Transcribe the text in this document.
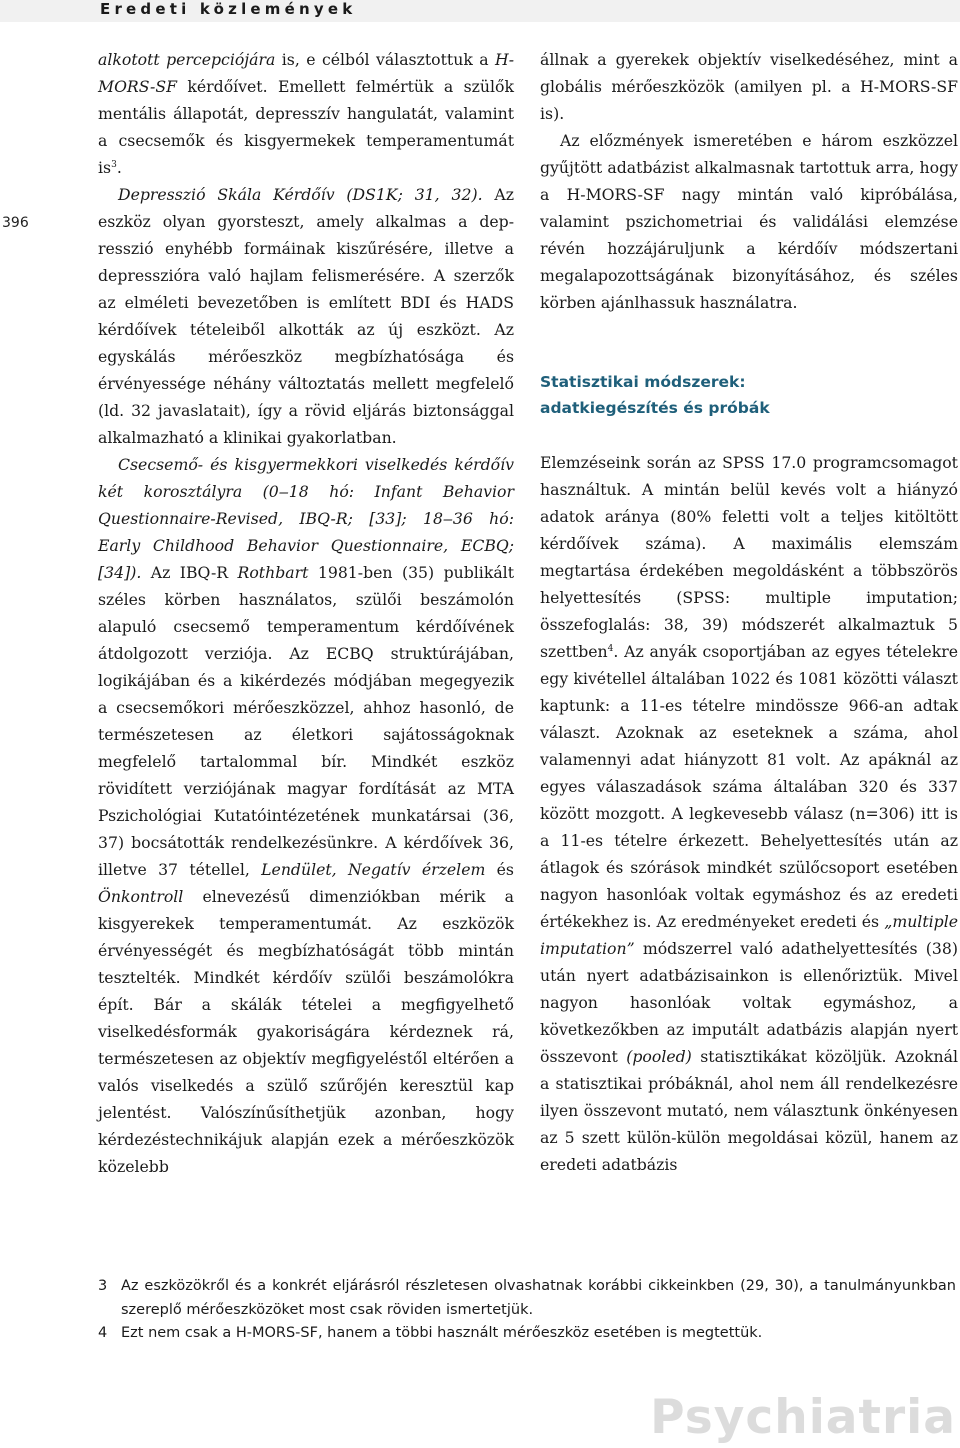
Eredeti közlemények
396

alkotott percepciójára is, e célból választottuk a H-MORS-SF kérdőívet. Emellett felmértük a szülők mentális állapotát, depresszív hangulatát, valamint a csecsemők és kisgyermekek temperamentumát $is^3$.

Depresszió Skála Kérdőív (DS1K; 31, 32). Az eszköz olyan gyorsteszt, amely alkalmas a depresszió enyhébb formáinak kiszűrésére, illetve a depresszióra való hajlam felismerésére. A szerzők az elméleti bevezetőben is említett BDI és HADS kérdőívek tételeiből alkották az új eszközt. Az egyskálás mérőeszköz megbízhatósága és érvényessége néhány változtatás mellett megfelelő (ld. 32 javaslatait), így a rövid eljárás biztonsággal alkalmazható a klinikai gyakorlatban.

Csecsemő- és kisgyermekkori viselkedés kérdőív két korosztályra (0‒18 hó: Infant Behavior Questionnaire-Revised, IBQ-R; [33]; 18‒36 hó: Early Childhood Behavior Questionnaire, ECBQ; [34]). Az IBQ-R Rothbart 1981-ben (35) publikált széles körben használatos, szülői beszámolón alapuló csecsemő temperamentum kérdőívének átdolgozott verziója. Az ECBQ struktúrájában, logikájában és a kikérdezés módjában megegyezik a csecsemőkori mérőeszközzel, ahhoz hasonló, de természetesen az életkori sajátosságoknak megfelelő tartalommal bír. Mindkét eszköz rövidített verziójának magyar fordítását az MTA Pszichológiai Kutatóintézetének munkatársai (36, 37) bocsátották rendelkezésünkre. A kérdőívek 36, illetve 37 tétellel, Lendület, Negatív érzelem és Önkontroll elnevezésű dimenziókban mérik a kisgyerekek temperamentumát. Az eszközök érvényességét és megbízhatóságát több mintán tesztelték. Mindkét kérdőív szülői beszámolókra épít. Bár a skálák tételei a megfigyelhető viselkedésformák gyakoriságára kérdeznek rá, természetesen az objektív megfigyeléstől eltérően a valós viselkedés a szülő szűrőjén keresztül kap jelentést. Valószínűsíthetjük azonban, hogy kérdezéstechnikájuk alapján ezek a mérőeszközök közelebb

állnak a gyerekek objektív viselkedéséhez, mint a globális mérőeszközök (amilyen pl. a H-MORS-SF is).

Az előzmények ismeretében e három eszközzel gyűjtött adatbázist alkalmasnak tartottuk arra, hogy a H-MORS-SF nagy mintán való kipróbálása, valamint pszichometriai és validálási elemzése révén hozzájáruljunk a kérdőív módszertani megalapozottságának bizonyításához, és széles körben ajánlhassuk használatra.

Statisztikai módszerek:
adatkiegészítés és próbák

Elemzéseink során az SPSS 17.0 programcsomagot használtuk. A mintán belül kevés volt a hiányzó adatok aránya (80% feletti volt a teljes kitöltött kérdőívek száma). A maximális elemszám megtartása érdekében megoldásként a többszörös helyettesítés (SPSS: multiple imputation; összefoglalás: 38, 39) módszerét alkalmaztuk 5 szettben$^4$. Az anyák csoportjában az egyes tételekre egy kivétellel általában 1022 és 1081 közötti választ kaptunk: a 11-es tételre mindössze 966-an adtak választ. Azoknak az eseteknek a száma, ahol valamennyi adat hiányzott 81 volt. Az apáknál az egyes válaszadások száma általában 320 és 337 között mozgott. A legkevesebb válasz (n=306) itt is a 11-es tételre érkezett. Behelyettesítés után az átlagok és szórások mindkét szülőcsoport esetében nagyon hasonlóak voltak egymáshoz és az eredeti értékekhez is. Az eredményeket eredeti és „multiple imputation” módszerrel való adathelyettesítés (38) után nyert adatbázisainkon is ellenőriztük. Mivel nagyon hasonlóak voltak egymáshoz, a következőkben az imputált adatbázis alapján nyert összevont (pooled) statisztikákat közöljük. Azoknál a statisztikai próbáknál, ahol nem áll rendelkezésre ilyen összevont mutató, nem választunk önkényesen az 5 szett külön-külön megoldásai közül, hanem az eredeti adatbázis

3 Az eszközökről és a konkrét eljárásról részletesen olvashatnak korábbi cikkeinkben (29, 30), a tanulmányunkban szereplő mérőeszközöket most csak röviden ismertetjük.
4 Ezt nem csak a H-MORS-SF, hanem a többi használt mérőeszköz esetében is megtettük.
Psychiatria
